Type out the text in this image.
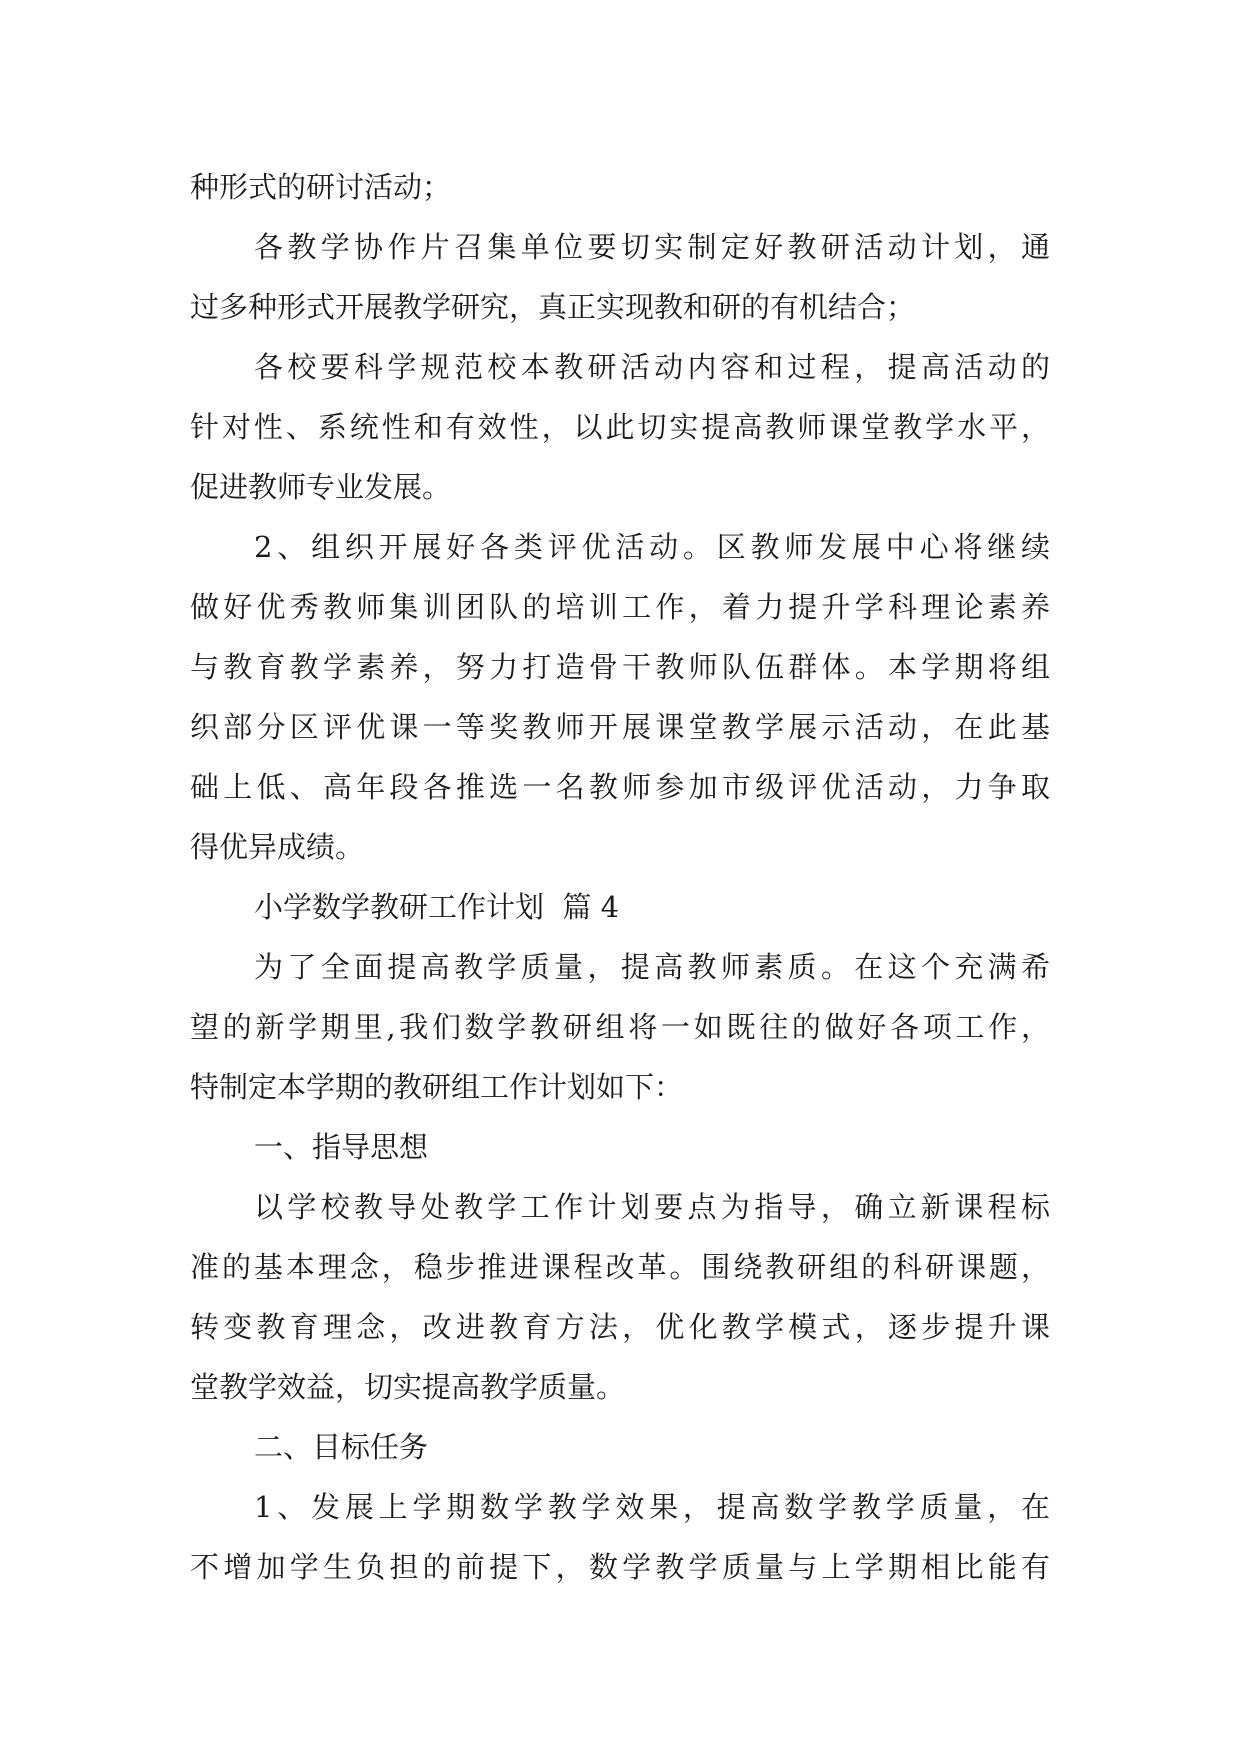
种形式的研讨活动；
各教学协作片召集单位要切实制定好教研活动计划，通
过多种形式开展教学研究，真正实现教和研的有机结合；
各校要科学规范校本教研活动内容和过程，提高活动的
针对性、系统性和有效性，以此切实提高教师课堂教学水平，
促进教师专业发展。
2、组织开展好各类评优活动。区教师发展中心将继续
做好优秀教师集训团队的培训工作，着力提升学科理论素养
与教育教学素养，努力打造骨干教师队伍群体。本学期将组
织部分区评优课一等奖教师开展课堂教学展示活动，在此基
础上低、高年段各推选一名教师参加市级评优活动，力争取
得优异成绩。
小学数学教研工作计划  篇 4
为了全面提高教学质量，提高教师素质。在这个充满希
望的新学期里,我们数学教研组将一如既往的做好各项工作，
特制定本学期的教研组工作计划如下：
一、指导思想
以学校教导处教学工作计划要点为指导，确立新课程标
准的基本理念，稳步推进课程改革。围绕教研组的科研课题，
转变教育理念，改进教育方法，优化教学模式，逐步提升课
堂教学效益，切实提高教学质量。
二、目标任务
1、发展上学期数学教学效果，提高数学教学质量，在
不增加学生负担的前提下，数学教学质量与上学期相比能有
